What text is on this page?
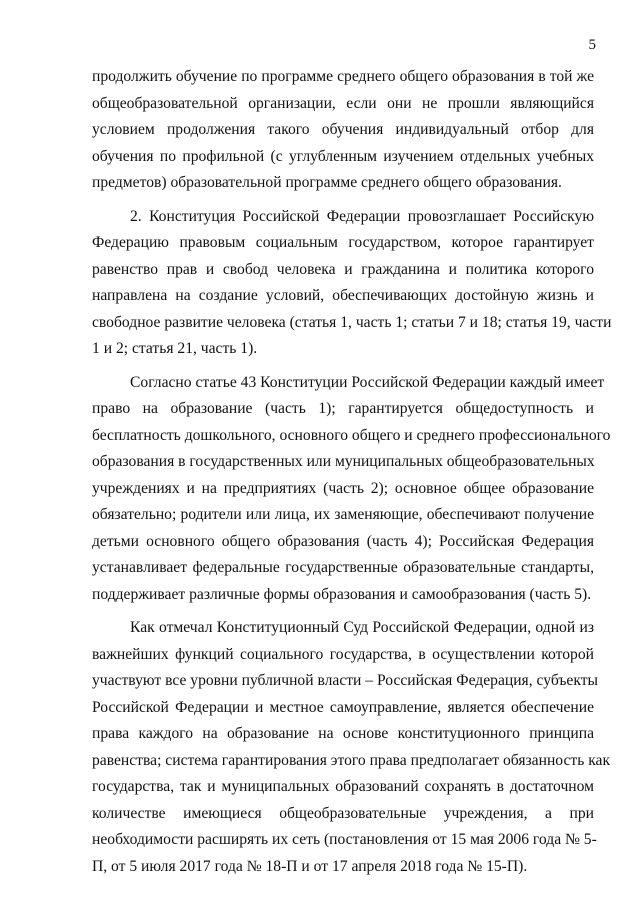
5
продолжить обучение по программе среднего общего образования в той же
общеобразовательной организации, если они не прошли являющийся
условием продолжения такого обучения индивидуальный отбор для
обучения по профильной (с углубленным изучением отдельных учебных
предметов) образовательной программе среднего общего образования.
2. Конституция Российской Федерации провозглашает Российскую
Федерацию правовым социальным государством, которое гарантирует
равенство прав и свобод человека и гражданина и политика которого
направлена на создание условий, обеспечивающих достойную жизнь и
свободное развитие человека (статья 1, часть 1; статьи 7 и 18; статья 19, части
1 и 2; статья 21, часть 1).
Согласно статье 43 Конституции Российской Федерации каждый имеет
право на образование (часть 1); гарантируется общедоступность и
бесплатность дошкольного, основного общего и среднего профессионального
образования в государственных или муниципальных общеобразовательных
учреждениях и на предприятиях (часть 2); основное общее образование
обязательно; родители или лица, их заменяющие, обеспечивают получение
детьми основного общего образования (часть 4); Российская Федерация
устанавливает федеральные государственные образовательные стандарты,
поддерживает различные формы образования и самообразования (часть 5).
Как отмечал Конституционный Суд Российской Федерации, одной из
важнейших функций социального государства, в осуществлении которой
участвуют все уровни публичной власти – Российская Федерация, субъекты
Российской Федерации и местное самоуправление, является обеспечение
права каждого на образование на основе конституционного принципа
равенства; система гарантирования этого права предполагает обязанность как
государства, так и муниципальных образований сохранять в достаточном
количестве имеющиеся общеобразовательные учреждения, а при
необходимости расширять их сеть (постановления от 15 мая 2006 года № 5-
П, от 5 июля 2017 года № 18-П и от 17 апреля 2018 года № 15-П).
